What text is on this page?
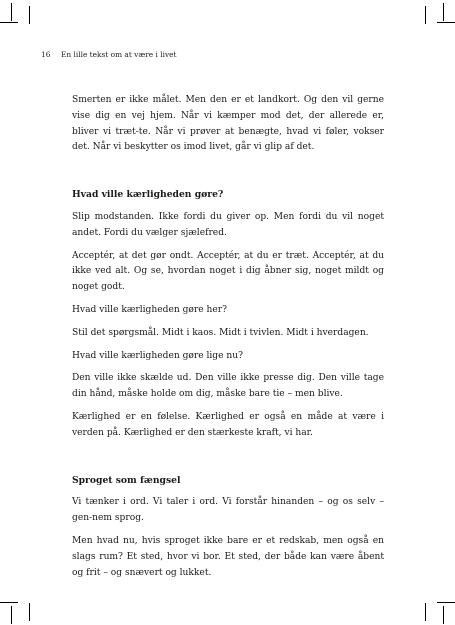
16 En lille tekst om at være i livet

Smerten er ikke målet. Men den er et landkort. Og den vil gerne vise dig en vej hjem. Når vi kæmper mod det, der allerede er, bliver vi træt-te. Når vi prøver at benægte, hvad vi føler, vokser det. Når vi beskytter os imod livet, går vi glip af det.

Hvad ville kærligheden gøre?

Slip modstanden. Ikke fordi du giver op. Men fordi du vil noget andet. Fordi du vælger sjælefred.

Acceptér, at det gør ondt. Acceptér, at du er træt. Acceptér, at du ikke ved alt. Og se, hvordan noget i dig åbner sig, noget mildt og noget godt.

Hvad ville kærligheden gøre her?

Stil det spørgsmål. Midt i kaos. Midt i tvivlen. Midt i hverdagen.

Hvad ville kærligheden gøre lige nu?

Den ville ikke skælde ud. Den ville ikke presse dig. Den ville tage din hånd, måske holde om dig, måske bare tie – men blive.

Kærlighed er en følelse. Kærlighed er også en måde at være i verden på. Kærlighed er den stærkeste kraft, vi har.

Sproget som fængsel

Vi tænker i ord. Vi taler i ord. Vi forstår hinanden – og os selv – gen-nem sprog.

Men hvad nu, hvis sproget ikke bare er et redskab, men også en slags rum? Et sted, hvor vi bor. Et sted, der både kan være åbent og frit – og snævert og lukket.
